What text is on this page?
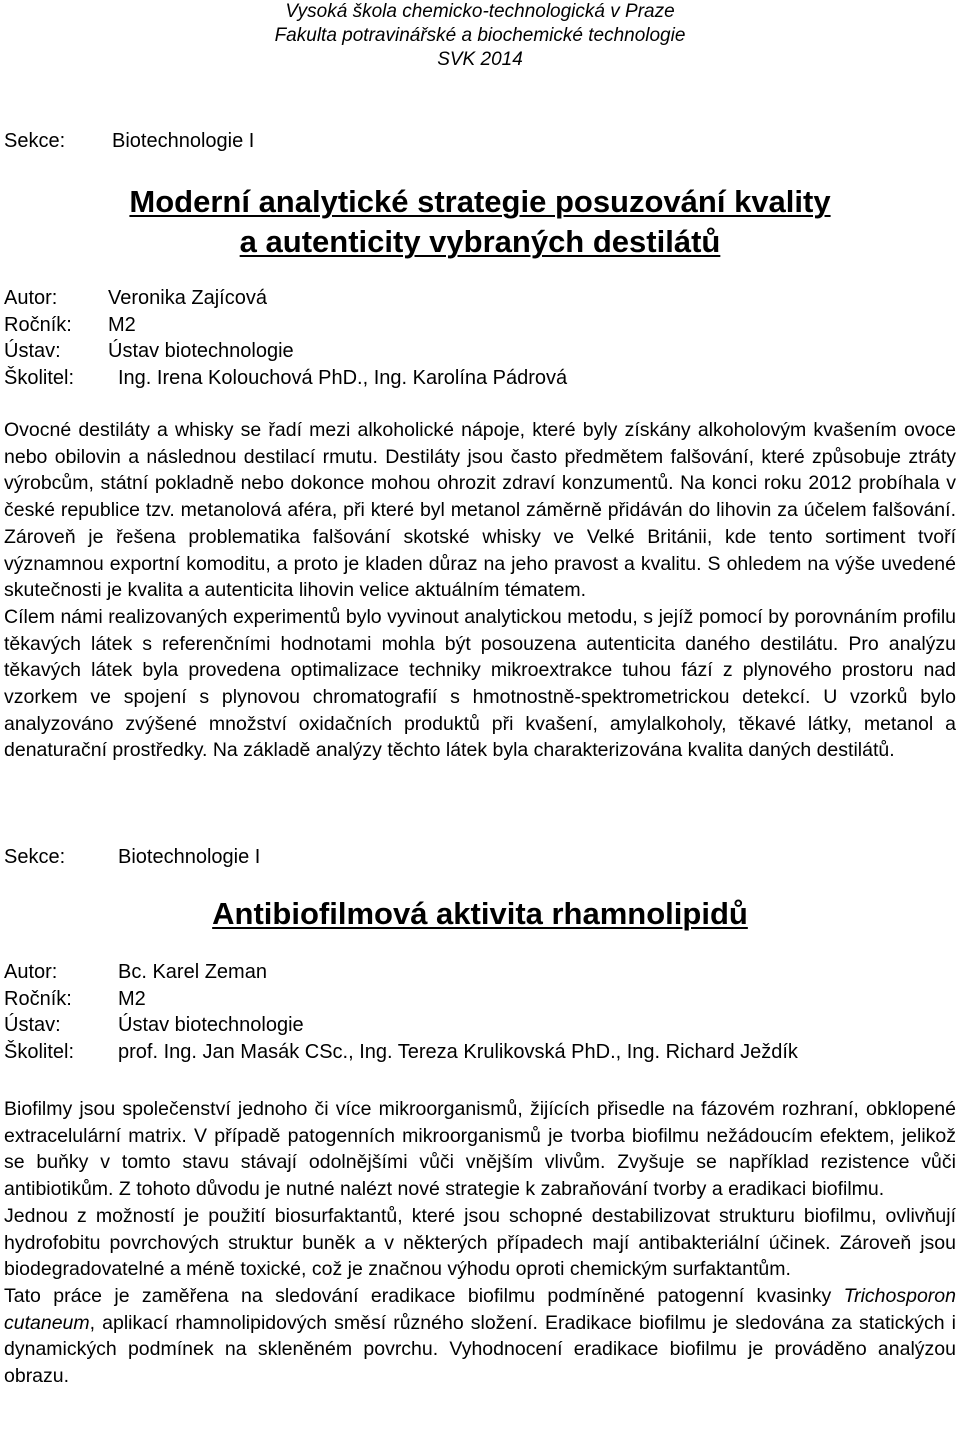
Vysoká škola chemicko-technologická v Praze
Fakulta potravinářské a biochemické technologie
SVK 2014
Sekce:	Biotechnologie I
Moderní analytické strategie posuzování kvality
a autenticity vybraných destilátů
Autor:	Veronika Zajícová
Ročník:	M2
Ústav:	Ústav biotechnologie
Školitel:	Ing. Irena Kolouchová PhD., Ing. Karolína Pádrová

Ovocné destiláty a whisky se řadí mezi alkoholické nápoje, které byly získány alkoholovým kvašením ovoce nebo obilovin a následnou destilací rmutu. Destiláty jsou často předmětem falšování, které způsobuje ztráty výrobcům, státní pokladně nebo dokonce mohou ohrozit zdraví konzumentů. Na konci roku 2012 probíhala v české republice tzv. metanolová aféra, při které byl metanol záměrně přidáván do lihovin za účelem falšování. Zároveň je řešena problematika falšování skotské whisky ve Velké Británii, kde tento sortiment tvoří významnou exportní komoditu, a proto je kladen důraz na jeho pravost a kvalitu. S ohledem na výše uvedené skutečnosti je kvalita a autenticita lihovin velice aktuálním tématem.

Cílem námi realizovaných experimentů bylo vyvinout analytickou metodu, s jejíž pomocí by porovnáním profilu těkavých látek s referenčními hodnotami mohla být posouzena autenticita daného destilátu. Pro analýzu těkavých látek byla provedena optimalizace techniky mikroextrakce tuhou fází z plynového prostoru nad vzorkem ve spojení s plynovou chromatografií s hmotnostně-spektrometrickou detekcí. U vzorků bylo analyzováno zvýšené množství oxidačních produktů při kvašení, amylalkoholy, těkavé látky, metanol a denaturační prostředky. Na základě analýzy těchto látek byla charakterizována kvalita daných destilátů.

Sekce:	Biotechnologie I
Antibiofilmová aktivita rhamnolipidů
Autor:	Bc. Karel Zeman
Ročník:	M2
Ústav:	Ústav biotechnologie
Školitel:	prof. Ing. Jan Masák CSc., Ing. Tereza Krulikovská PhD., Ing. Richard Ježdík

Biofilmy jsou společenství jednoho či více mikroorganismů, žijících přisedle na fázovém rozhraní, obklopené extracelulární matrix. V případě patogenních mikroorganismů je tvorba biofilmu nežádoucím efektem, jelikož se buňky v tomto stavu stávají odolnějšími vůči vnějším vlivům. Zvyšuje se například rezistence vůči antibiotikům. Z tohoto důvodu je nutné nalézt nové strategie k zabraňování tvorby a eradikaci biofilmu.

Jednou z možností je použití biosurfaktantů, které jsou schopné destabilizovat strukturu biofilmu, ovlivňují hydrofobitu povrchových struktur buněk a v některých případech mají antibakteriální účinek. Zároveň jsou biodegradovatelné a méně toxické, což je značnou výhodu oproti chemickým surfaktantům.

Tato práce je zaměřena na sledování eradikace biofilmu podmíněné patogenní kvasinky Trichosporon cutaneum, aplikací rhamnolipidových směsí různého složení. Eradikace biofilmu je sledována za statických i dynamických podmínek na skleněném povrchu. Vyhodnocení eradikace biofilmu je prováděno analýzou obrazu.
